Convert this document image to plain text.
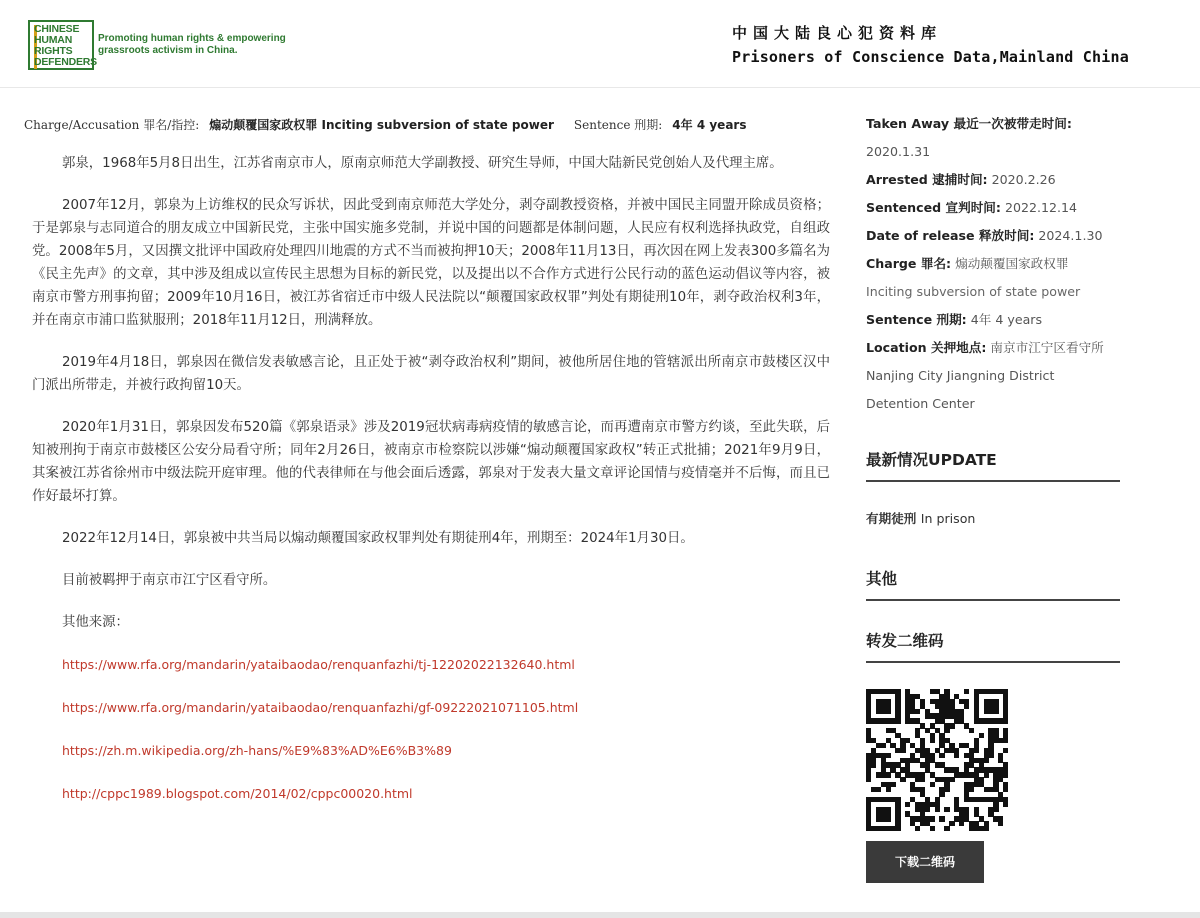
CHINESE
HUMAN
RIGHTS
DEFENDERS
Promoting human rights & empowering grassroots activism in China.
中国大陆良心犯资料库
Prisoners of Conscience Data,Mainland China
Charge/Accusation 罪名/指控: 煽动颠覆国家政权罪 Inciting subversion of state power Sentence 刑期: 4年 4 years

郭泉，1968年5月8日出生，江苏省南京市人，原南京师范大学副教授、研究生导师，中国大陆新民党创始人及代理主席。

2007年12月，郭泉为上访维权的民众写诉状，因此受到南京师范大学处分，剥夺副教授资格，并被中国民主同盟开除成员资格；于是郭泉与志同道合的朋友成立中国新民党，主张中国实施多党制，并说中国的问题都是体制问题，人民应有权利选择执政党，自组政党。2008年5月，又因撰文批评中国政府处理四川地震的方式不当而被拘押10天；2008年11月13日，再次因在网上发表300多篇名为《民主先声》的文章，其中涉及组成以宣传民主思想为目标的新民党，以及提出以不合作方式进行公民行动的蓝色运动倡议等内容，被南京市警方刑事拘留；2009年10月16日，被江苏省宿迁市中级人民法院以“颠覆国家政权罪”判处有期徒刑10年，剥夺政治权利3年，并在南京市浦口监狱服刑；2018年11月12日，刑满释放。

2019年4月18日，郭泉因在微信发表敏感言论，且正处于被“剥夺政治权利”期间，被他所居住地的管辖派出所南京市鼓楼区汉中门派出所带走，并被行政拘留10天。

2020年1月31日，郭泉因发布520篇《郭泉语录》涉及2019冠状病毒病疫情的敏感言论，而再遭南京市警方约谈，至此失联，后知被刑拘于南京市鼓楼区公安分局看守所；同年2月26日，被南京市检察院以涉嫌“煽动颠覆国家政权”转正式批捕；2021年9月9日，其案被江苏省徐州市中级法院开庭审理。他的代表律师在与他会面后透露，郭泉对于发表大量文章评论国情与疫情毫并不后悔，而且已作好最坏打算。

2022年12月14日，郭泉被中共当局以煽动颠覆国家政权罪判处有期徒刑4年，刑期至：2024年1月30日。

目前被羁押于南京市江宁区看守所。

其他来源：

https://www.rfa.org/mandarin/yataibaodao/renquanfazhi/tj-12202022132640.html
https://www.rfa.org/mandarin/yataibaodao/renquanfazhi/gf-09222021071105.html
https://zh.m.wikipedia.org/zh-hans/%E9%83%AD%E6%B3%89
http://cppc1989.blogspot.com/2014/02/cppc00020.html
Taken Away 最近一次被带走时间: 2020.1.31
Arrested 逮捕时间: 2020.2.26
Sentenced 宣判时间: 2022.12.14
Date of release 释放时间: 2024.1.30
Charge 罪名: 煽动颠覆国家政权罪
Inciting subversion of state power
Sentence 刑期: 4年 4 years
Location 关押地点: 南京市江宁区看守所 Nanjing City Jiangning District Detention Center
最新情况UPDATE
有期徒刑 In prison
其他
转发二维码
下载二维码
